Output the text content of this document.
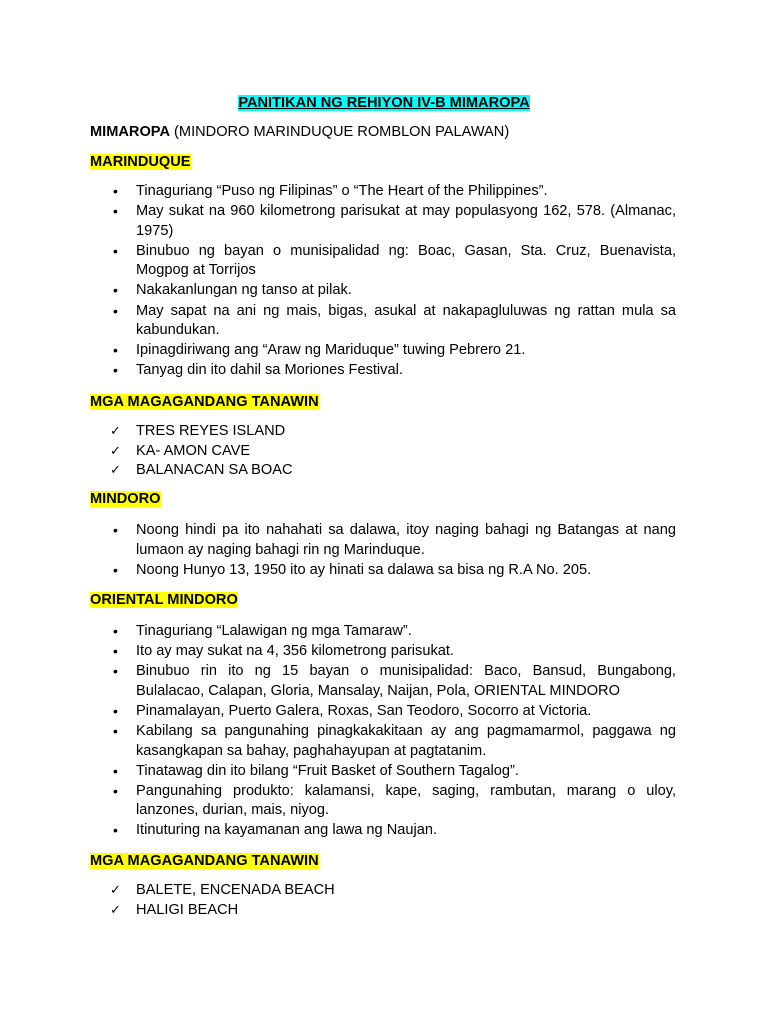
PANITIKAN NG REHIYON IV-B MIMAROPA
MIMAROPA (MINDORO MARINDUQUE ROMBLON PALAWAN)
MARINDUQUE
•	Tinaguriang “Puso ng Filipinas” o “The Heart of the Philippines”.
•	May sukat na 960 kilometrong parisukat at may populasyong 162, 578. (Almanac, 1975)
•	Binubuo ng bayan o munisipalidad ng: Boac, Gasan, Sta. Cruz, Buenavista, Mogpog at Torrijos
•	Nakakanlungan ng tanso at pilak.
•	May sapat na ani ng mais, bigas, asukal at nakapagluluwas ng rattan mula sa kabundukan.
•	Ipinagdiriwang ang “Araw ng Mariduque” tuwing Pebrero 21.
•	Tanyag din ito dahil sa Moriones Festival.
MGA MAGAGANDANG TANAWIN
✓	TRES REYES ISLAND
✓	KA- AMON CAVE
✓	BALANACAN SA BOAC
MINDORO
•	Noong hindi pa ito nahahati sa dalawa, itoy naging bahagi ng Batangas at nang lumaon ay naging bahagi rin ng Marinduque.
•	Noong Hunyo 13, 1950 ito ay hinati sa dalawa sa bisa ng R.A No. 205.
ORIENTAL MINDORO
•	Tinaguriang “Lalawigan ng mga Tamaraw”.
•	Ito ay may sukat na 4, 356 kilometrong parisukat.
•	Binubuo rin ito ng 15 bayan o munisipalidad: Baco, Bansud, Bungabong, Bulalacao, Calapan, Gloria, Mansalay, Naijan, Pola, ORIENTAL MINDORO
•	Pinamalayan, Puerto Galera, Roxas, San Teodoro, Socorro at Victoria.
•	Kabilang sa pangunahing pinagkakakitaan ay ang pagmamarmol, paggawa ng kasangkapan sa bahay, paghahayupan at pagtatanim.
•	Tinatawag din ito bilang “Fruit Basket of Southern Tagalog”.
•	Pangunahing produkto: kalamansi, kape, saging, rambutan, marang o uloy, lanzones, durian, mais, niyog.
•	Itinuturing na kayamanan ang lawa ng Naujan.
MGA MAGAGANDANG TANAWIN
✓	BALETE, ENCENADA BEACH
✓	HALIGI BEACH
